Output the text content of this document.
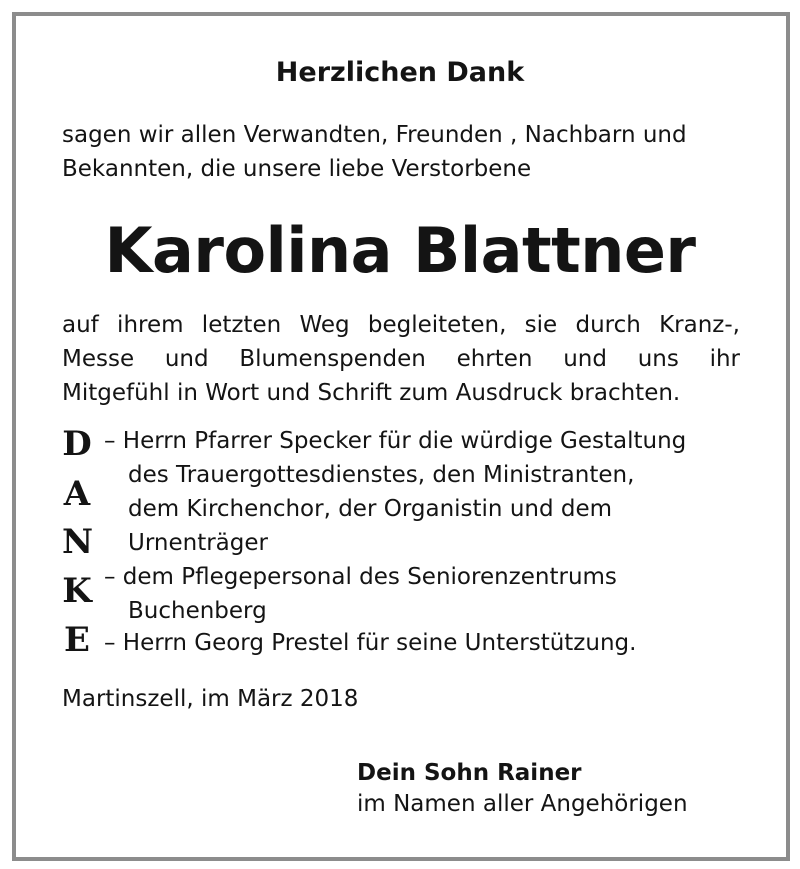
Herzlichen Dank
sagen wir allen Verwandten, Freunden , Nachbarn und
Bekannten, die unsere liebe Verstorbene
Karolina Blattner
auf ihrem letzten Weg begleiteten, sie durch Kranz-,
Messe und Blumenspenden ehrten und uns ihr
Mitgefühl in Wort und Schrift zum Ausdruck brachten.
D
A
N
K
E
– Herrn Pfarrer Specker für die würdige Gestaltung
des Trauergottesdienstes, den Ministranten,
dem Kirchenchor, der Organistin und dem
Urnenträger
– dem Pflegepersonal des Seniorenzentrums
Buchenberg
– Herrn Georg Prestel für seine Unterstützung.
Martinszell, im März 2018
Dein Sohn Rainer
im Namen aller Angehörigen
